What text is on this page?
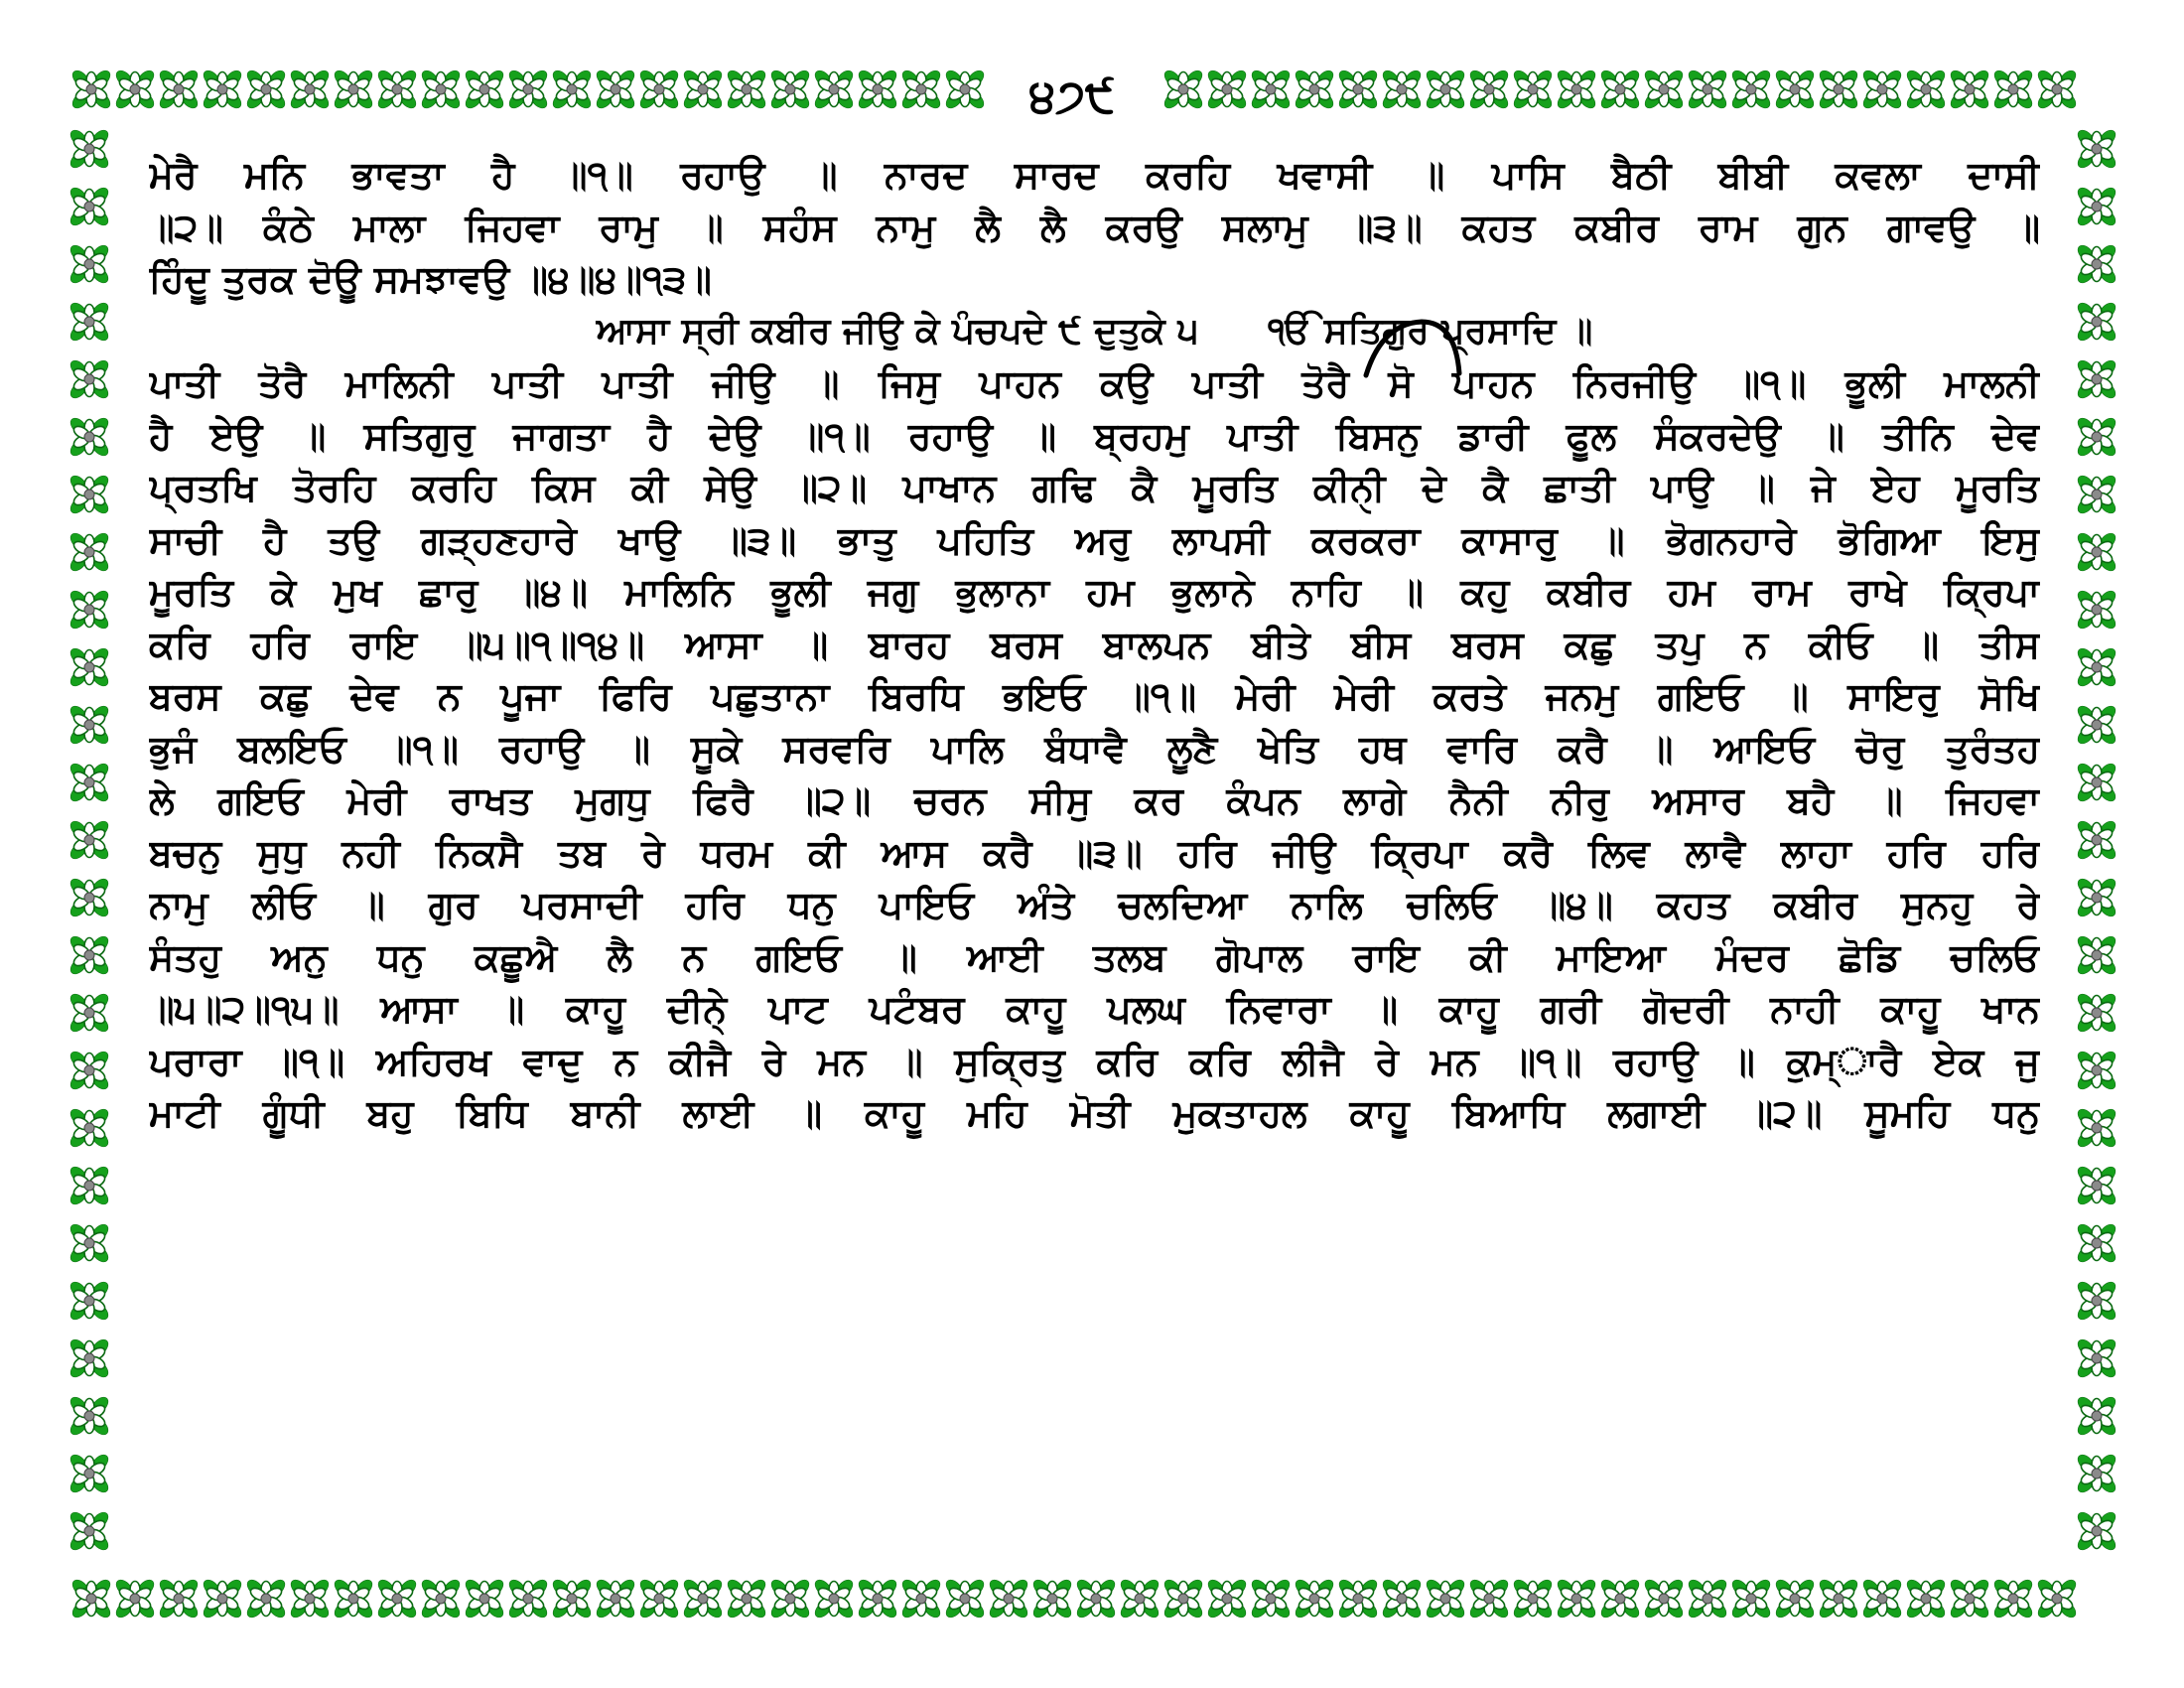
੪੭੯
ਮੇਰੈ ਮਨਿ ਭਾਵਤਾ ਹੈ ॥੧॥ ਰਹਾਉ ॥ ਨਾਰਦ ਸਾਰਦ ਕਰਹਿ ਖਵਾਸੀ ॥ ਪਾਸਿ ਬੈਠੀ ਬੀਬੀ ਕਵਲਾ ਦਾਸੀ
॥੨॥ ਕੰਠੇ ਮਾਲਾ ਜਿਹਵਾ ਰਾਮੁ ॥ ਸਹੰਸ ਨਾਮੁ ਲੈ ਲੈ ਕਰਉ ਸਲਾਮੁ ॥੩॥ ਕਹਤ ਕਬੀਰ ਰਾਮ ਗੁਨ ਗਾਵਉ ॥
ਹਿੰਦੂ ਤੁਰਕ ਦੋਊ ਸਮਝਾਵਉ ॥੪॥੪॥੧੩॥
ਆਸਾ ਸ੍ਰੀ ਕਬੀਰ ਜੀਉ ਕੇ ਪੰਚਪਦੇ ੯ ਦੁਤੁਕੇ ੫ ੴ ਸਤਿਗੁਰ ਪ੍ਰਸਾਦਿ ॥
ਪਾਤੀ ਤੋਰੈ ਮਾਲਿਨੀ ਪਾਤੀ ਪਾਤੀ ਜੀਉ ॥ ਜਿਸੁ ਪਾਹਨ ਕਉ ਪਾਤੀ ਤੋਰੈ ਸੋ ਪਾਹਨ ਨਿਰਜੀਉ ॥੧॥ ਭੂਲੀ ਮਾਲਨੀ
ਹੈ ਏਉ ॥ ਸਤਿਗੁਰੁ ਜਾਗਤਾ ਹੈ ਦੇਉ ॥੧॥ ਰਹਾਉ ॥ ਬ੍ਰਹਮੁ ਪਾਤੀ ਬਿਸਨੁ ਡਾਰੀ ਫੂਲ ਸੰਕਰਦੇਉ ॥ ਤੀਨਿ ਦੇਵ
ਪ੍ਰਤਖਿ ਤੋਰਹਿ ਕਰਹਿ ਕਿਸ ਕੀ ਸੇਉ ॥੨॥ ਪਾਖਾਨ ਗਢਿ ਕੈ ਮੂਰਤਿ ਕੀਨੑੀ ਦੇ ਕੈ ਛਾਤੀ ਪਾਉ ॥ ਜੇ ਏਹ ਮੂਰਤਿ
ਸਾਚੀ ਹੈ ਤਉ ਗੜ੍ਹਣਹਾਰੇ ਖਾਉ ॥੩॥ ਭਾਤੁ ਪਹਿਤਿ ਅਰੁ ਲਾਪਸੀ ਕਰਕਰਾ ਕਾਸਾਰੁ ॥ ਭੋਗਨਹਾਰੇ ਭੋਗਿਆ ਇਸੁ
ਮੂਰਤਿ ਕੇ ਮੁਖ ਛਾਰੁ ॥੪॥ ਮਾਲਿਨਿ ਭੂਲੀ ਜਗੁ ਭੁਲਾਨਾ ਹਮ ਭੁਲਾਨੇ ਨਾਹਿ ॥ ਕਹੁ ਕਬੀਰ ਹਮ ਰਾਮ ਰਾਖੇ ਕ੍ਰਿਪਾ
ਕਰਿ ਹਰਿ ਰਾਇ ॥੫॥੧॥੧੪॥ ਆਸਾ ॥ ਬਾਰਹ ਬਰਸ ਬਾਲਪਨ ਬੀਤੇ ਬੀਸ ਬਰਸ ਕਛੁ ਤਪੁ ਨ ਕੀਓ ॥ ਤੀਸ
ਬਰਸ ਕਛੁ ਦੇਵ ਨ ਪੂਜਾ ਫਿਰਿ ਪਛੁਤਾਨਾ ਬਿਰਧਿ ਭਇਓ ॥੧॥ ਮੇਰੀ ਮੇਰੀ ਕਰਤੇ ਜਨਮੁ ਗਇਓ ॥ ਸਾਇਰੁ ਸੋਖਿ
ਭੁਜੰ ਬਲਇਓ ॥੧॥ ਰਹਾਉ ॥ ਸੂਕੇ ਸਰਵਰਿ ਪਾਲਿ ਬੰਧਾਵੈ ਲੂਣੈ ਖੇਤਿ ਹਥ ਵਾਰਿ ਕਰੈ ॥ ਆਇਓ ਚੋਰੁ ਤੁਰੰਤਹ
ਲੇ ਗਇਓ ਮੇਰੀ ਰਾਖਤ ਮੁਗਧੁ ਫਿਰੈ ॥੨॥ ਚਰਨ ਸੀਸੁ ਕਰ ਕੰਪਨ ਲਾਗੇ ਨੈਨੀ ਨੀਰੁ ਅਸਾਰ ਬਹੈ ॥ ਜਿਹਵਾ
ਬਚਨੁ ਸੁਧੁ ਨਹੀ ਨਿਕਸੈ ਤਬ ਰੇ ਧਰਮ ਕੀ ਆਸ ਕਰੈ ॥੩॥ ਹਰਿ ਜੀਉ ਕ੍ਰਿਪਾ ਕਰੈ ਲਿਵ ਲਾਵੈ ਲਾਹਾ ਹਰਿ ਹਰਿ
ਨਾਮੁ ਲੀਓ ॥ ਗੁਰ ਪਰਸਾਦੀ ਹਰਿ ਧਨੁ ਪਾਇਓ ਅੰਤੇ ਚਲਦਿਆ ਨਾਲਿ ਚਲਿਓ ॥੪॥ ਕਹਤ ਕਬੀਰ ਸੁਨਹੁ ਰੇ
ਸੰਤਹੁ ਅਨੁ ਧਨੁ ਕਛੂਐ ਲੈ ਨ ਗਇਓ ॥ ਆਈ ਤਲਬ ਗੋਪਾਲ ਰਾਇ ਕੀ ਮਾਇਆ ਮੰਦਰ ਛੋਡਿ ਚਲਿਓ
॥੫॥੨॥੧੫॥ ਆਸਾ ॥ ਕਾਹੂ ਦੀਨੇ੍ ਪਾਟ ਪਟੰਬਰ ਕਾਹੂ ਪਲਘ ਨਿਵਾਰਾ ॥ ਕਾਹੂ ਗਰੀ ਗੋਦਰੀ ਨਾਹੀ ਕਾਹੂ ਖਾਨ
ਪਰਾਰਾ ॥੧॥ ਅਹਿਰਖ ਵਾਦੁ ਨ ਕੀਜੈ ਰੇ ਮਨ ॥ ਸੁਕ੍ਰਿਤੁ ਕਰਿ ਕਰਿ ਲੀਜੈ ਰੇ ਮਨ ॥੧॥ ਰਹਾਉ ॥ ਕੁਮ੍ਾਰੈ ਏਕ ਜੁ
ਮਾਟੀ ਗੂੰਧੀ ਬਹੁ ਬਿਧਿ ਬਾਨੀ ਲਾਈ ॥ ਕਾਹੂ ਮਹਿ ਮੋਤੀ ਮੁਕਤਾਹਲ ਕਾਹੂ ਬਿਆਧਿ ਲਗਾਈ ॥੨॥ ਸੂਮਹਿ ਧਨੁ
